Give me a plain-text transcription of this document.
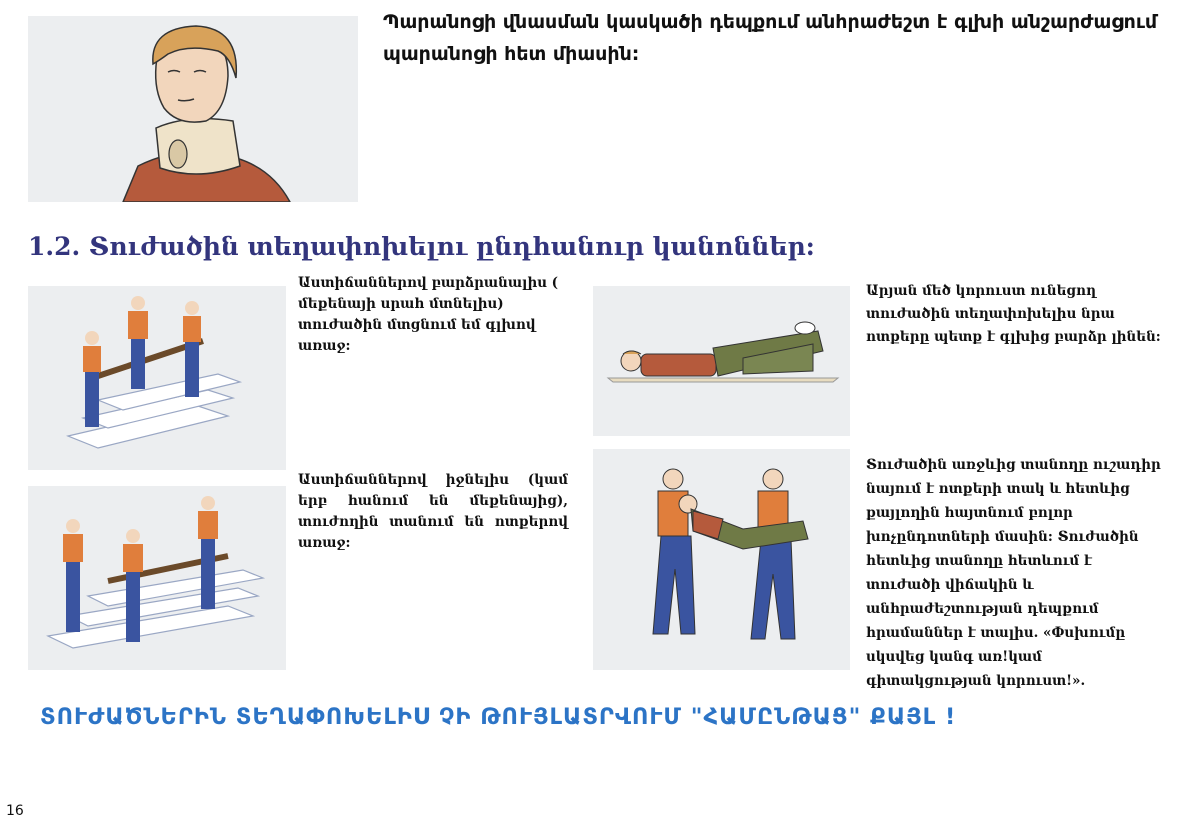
Պարանոցի վնասման կասկածի դեպքում անհրաժեշտ է գլխի անշարժացում պարանոցի հետ միասին:
1.2. Տուժածին տեղափոխելու ընդհանուր կանոններ:
Աստիճաններով բարձրանալիս ( մեքենայի սրահ մտնելիս) տուժածին մտցնում եմ գլխով առաջ:
Արյան մեծ կորուստ ունեցող տուժածին տեղափոխելիս նրա ոտքերը պետք է գլխից բարձր լինեն:
Աստիճաններով իջնելիս (կամ երբ հանում են մեքենայից), տուժողին տանում են ոտքերով առաջ:
Տուժածին առջևից տանողը ուշադիր նայում է ոտքերի տակ և հետևից քայլողին հայտնում բոլոր խոչընդոտների մասին: Տուժածին հետևից տանողը հետևում է տուժածի վիճակին և անհրաժեշտության դեպքում հրամաններ է տալիս. «Փսխումը սկսվեց կանգ առ!կամ գիտակցության կորուստ!».
ՏՈՒԺԱԾՆԵՐԻՆ ՏԵՂԱՓՈԽԵԼԻՍ ՉԻ ԹՈՒՅԼԱՏՐՎՈՒՄ "ՀԱՄԸՆԹԱՑ" ՔԱՅԼ !
16
